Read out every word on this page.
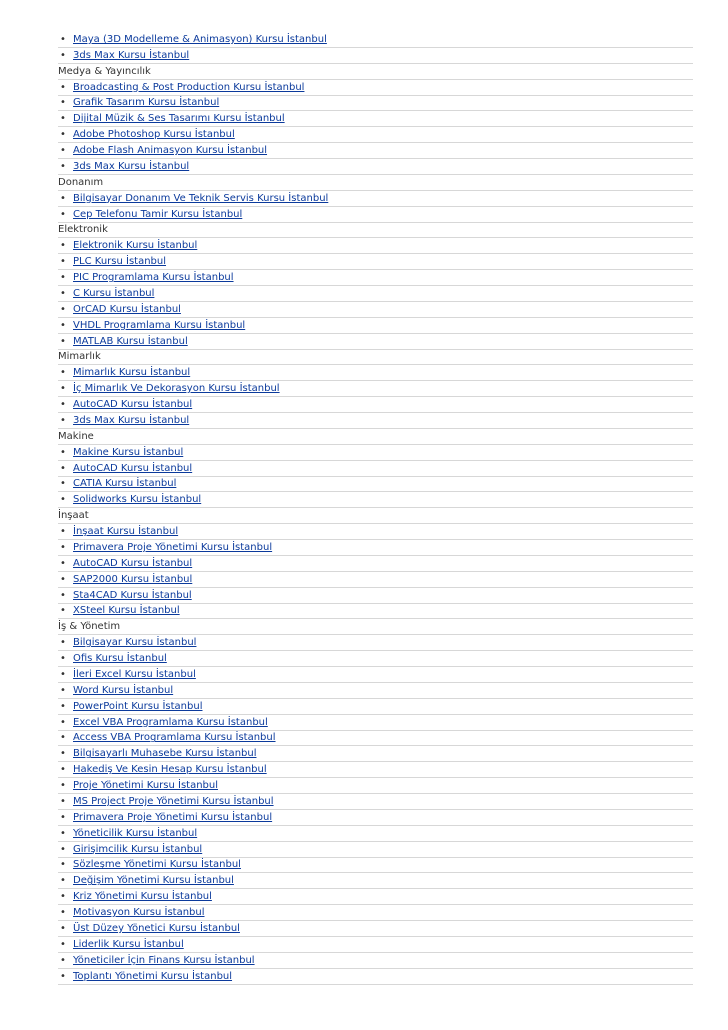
• Maya (3D Modelleme & Animasyon) Kursu İstanbul
• 3ds Max Kursu İstanbul
Medya & Yayıncılık
• Broadcasting & Post Production Kursu İstanbul
• Grafik Tasarım Kursu İstanbul
• Dijital Müzik & Ses Tasarımı Kursu İstanbul
• Adobe Photoshop Kursu İstanbul
• Adobe Flash Animasyon Kursu İstanbul
• 3ds Max Kursu İstanbul
Donanım
• Bilgisayar Donanım Ve Teknik Servis Kursu İstanbul
• Cep Telefonu Tamir Kursu İstanbul
Elektronik
• Elektronik Kursu İstanbul
• PLC Kursu İstanbul
• PIC Programlama Kursu İstanbul
• C Kursu İstanbul
• OrCAD Kursu İstanbul
• VHDL Programlama Kursu İstanbul
• MATLAB Kursu İstanbul
Mimarlık
• Mimarlık Kursu İstanbul
• İç Mimarlık Ve Dekorasyon Kursu İstanbul
• AutoCAD Kursu İstanbul
• 3ds Max Kursu İstanbul
Makine
• Makine Kursu İstanbul
• AutoCAD Kursu İstanbul
• CATIA Kursu İstanbul
• Solidworks Kursu İstanbul
İnşaat
• İnşaat Kursu İstanbul
• Primavera Proje Yönetimi Kursu İstanbul
• AutoCAD Kursu İstanbul
• SAP2000 Kursu İstanbul
• Sta4CAD Kursu İstanbul
• XSteel Kursu İstanbul
İş & Yönetim
• Bilgisayar Kursu İstanbul
• Ofis Kursu İstanbul
• İleri Excel Kursu İstanbul
• Word Kursu İstanbul
• PowerPoint Kursu İstanbul
• Excel VBA Programlama Kursu İstanbul
• Access VBA Programlama Kursu İstanbul
• Bilgisayarlı Muhasebe Kursu İstanbul
• Hakediş Ve Kesin Hesap Kursu İstanbul
• Proje Yönetimi Kursu İstanbul
• MS Project Proje Yönetimi Kursu İstanbul
• Primavera Proje Yönetimi Kursu İstanbul
• Yöneticilik Kursu İstanbul
• Girişimcilik Kursu İstanbul
• Sözleşme Yönetimi Kursu İstanbul
• Değişim Yönetimi Kursu İstanbul
• Kriz Yönetimi Kursu İstanbul
• Motivasyon Kursu İstanbul
• Üst Düzey Yönetici Kursu İstanbul
• Liderlik Kursu İstanbul
• Yöneticiler İçin Finans Kursu İstanbul
• Toplantı Yönetimi Kursu İstanbul
